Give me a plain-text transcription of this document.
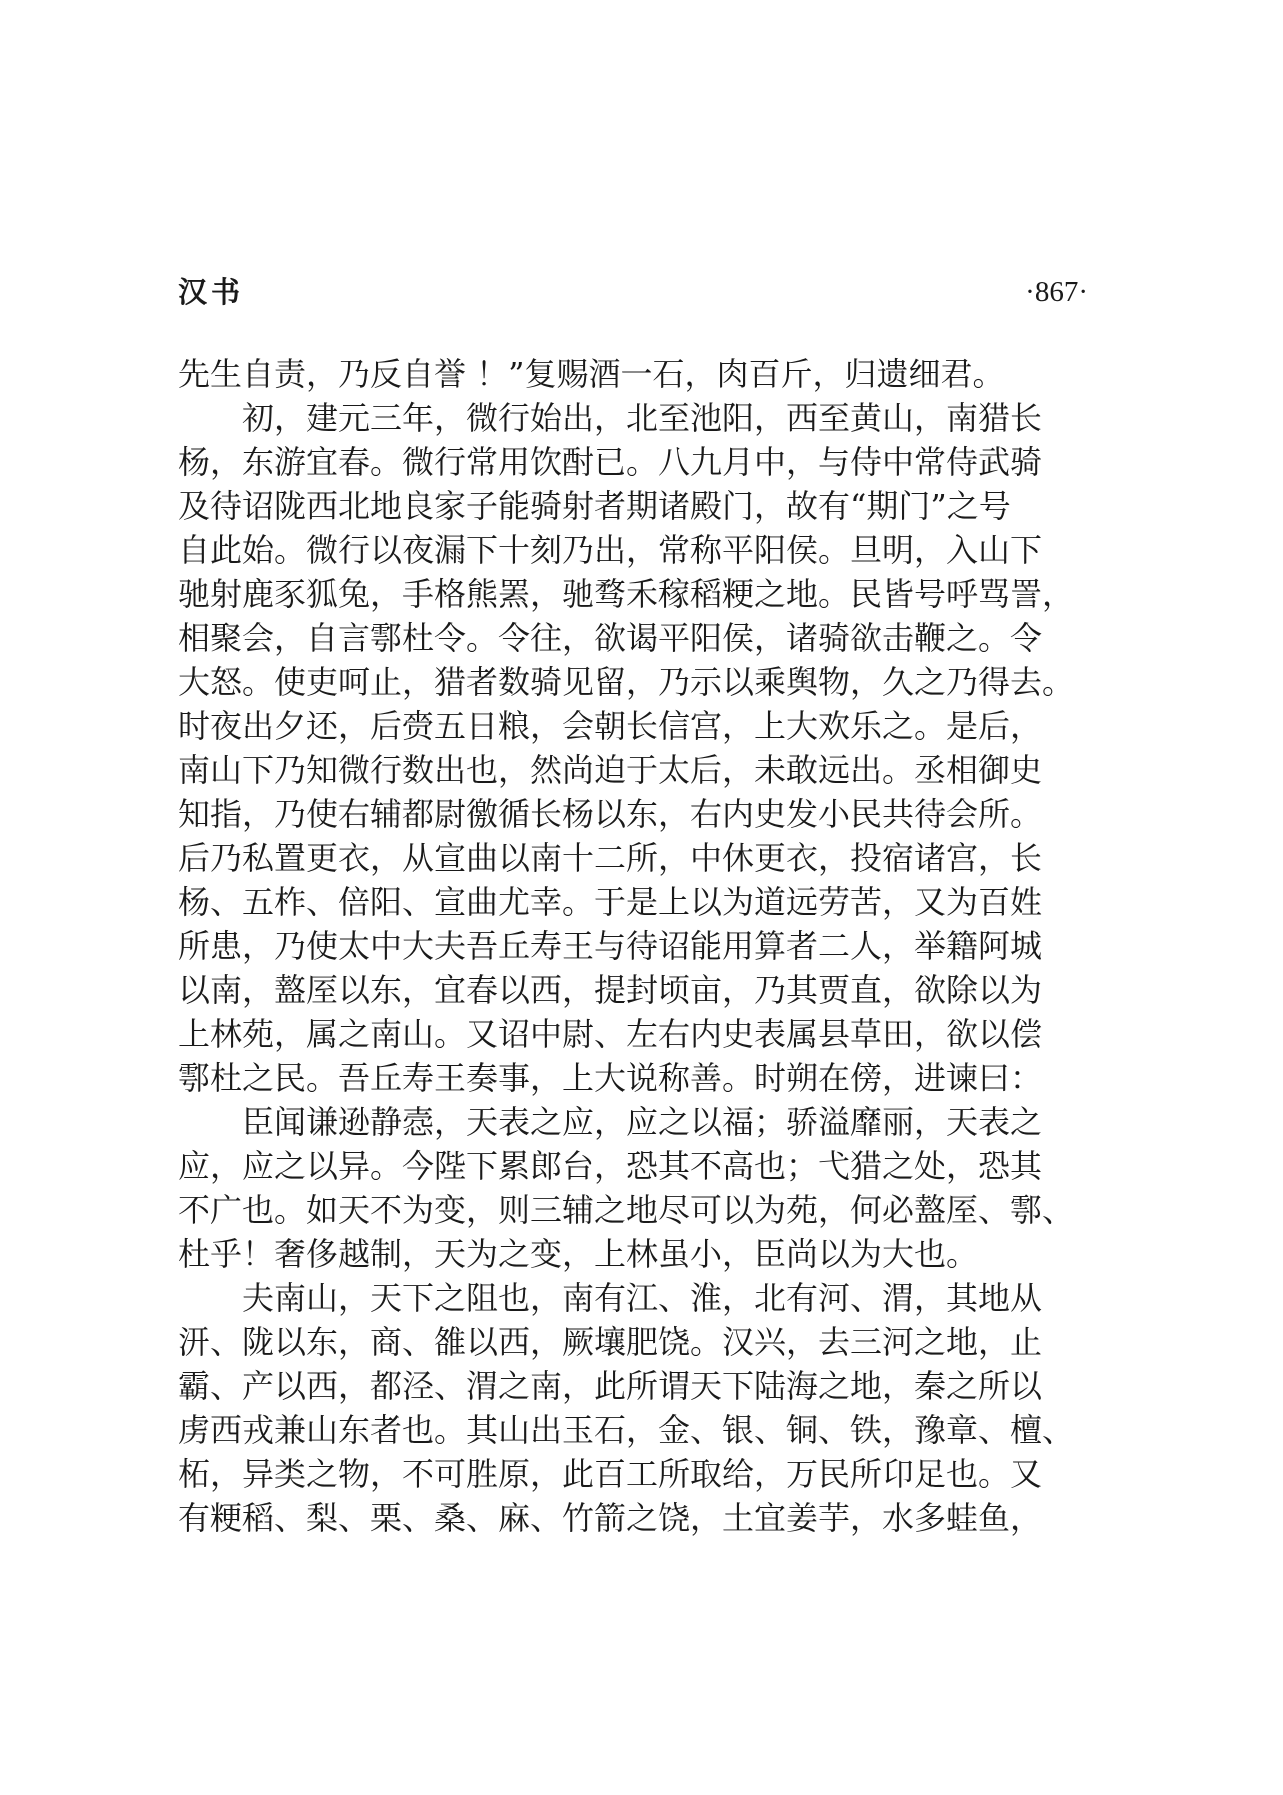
汉书	·867·
先生自责，乃反自誉 ！”复赐酒一石，肉百斤，归遗细君。
初，建元三年，微行始出，北至池阳，西至黄山，南猎长
杨，东游宜春。微行常用饮酎已。八九月中，与侍中常侍武骑
及待诏陇西北地良家子能骑射者期诸殿门，故有“期门”之号
自此始。微行以夜漏下十刻乃出，常称平阳侯。旦明，入山下
驰射鹿豕狐兔，手格熊罴，驰骛禾稼稻粳之地。民皆号呼骂詈，
相聚会，自言鄠杜令。令往，欲谒平阳侯，诸骑欲击鞭之。令
大怒。使吏呵止，猎者数骑见留，乃示以乘舆物，久之乃得去。
时夜出夕还，后赍五日粮，会朝长信宫，上大欢乐之。是后，
南山下乃知微行数出也，然尚迫于太后，未敢远出。丞相御史
知指，乃使右辅都尉徼循长杨以东，右内史发小民共待会所。
后乃私置更衣，从宣曲以南十二所，中休更衣，投宿诸宫，长
杨、五柞、倍阳、宣曲尤幸。于是上以为道远劳苦，又为百姓
所患，乃使太中大夫吾丘寿王与待诏能用算者二人，举籍阿城
以南，盩厔以东，宜春以西，提封顷亩，乃其贾直，欲除以为
上林苑，属之南山。又诏中尉、左右内史表属县草田，欲以偿
鄠杜之民。吾丘寿王奏事，上大说称善。时朔在傍，进谏曰：
臣闻谦逊静悫，天表之应，应之以福；骄溢靡丽，天表之
应，应之以异。今陛下累郎台，恐其不高也；弋猎之处，恐其
不广也。如天不为变，则三辅之地尽可以为苑，何必盩厔、鄠、
杜乎！奢侈越制，天为之变，上林虽小，臣尚以为大也。
夫南山，天下之阻也，南有江、淮，北有河、渭，其地从
汧、陇以东，商、雒以西，厥壤肥饶。汉兴，去三河之地，止
霸、产以西，都泾、渭之南，此所谓天下陆海之地，秦之所以
虏西戎兼山东者也。其山出玉石，金、银、铜、铁，豫章、檀、
柘，异类之物，不可胜原，此百工所取给，万民所卬足也。又
有粳稻、梨、栗、桑、麻、竹箭之饶，土宜姜芋，水多蛙鱼，
